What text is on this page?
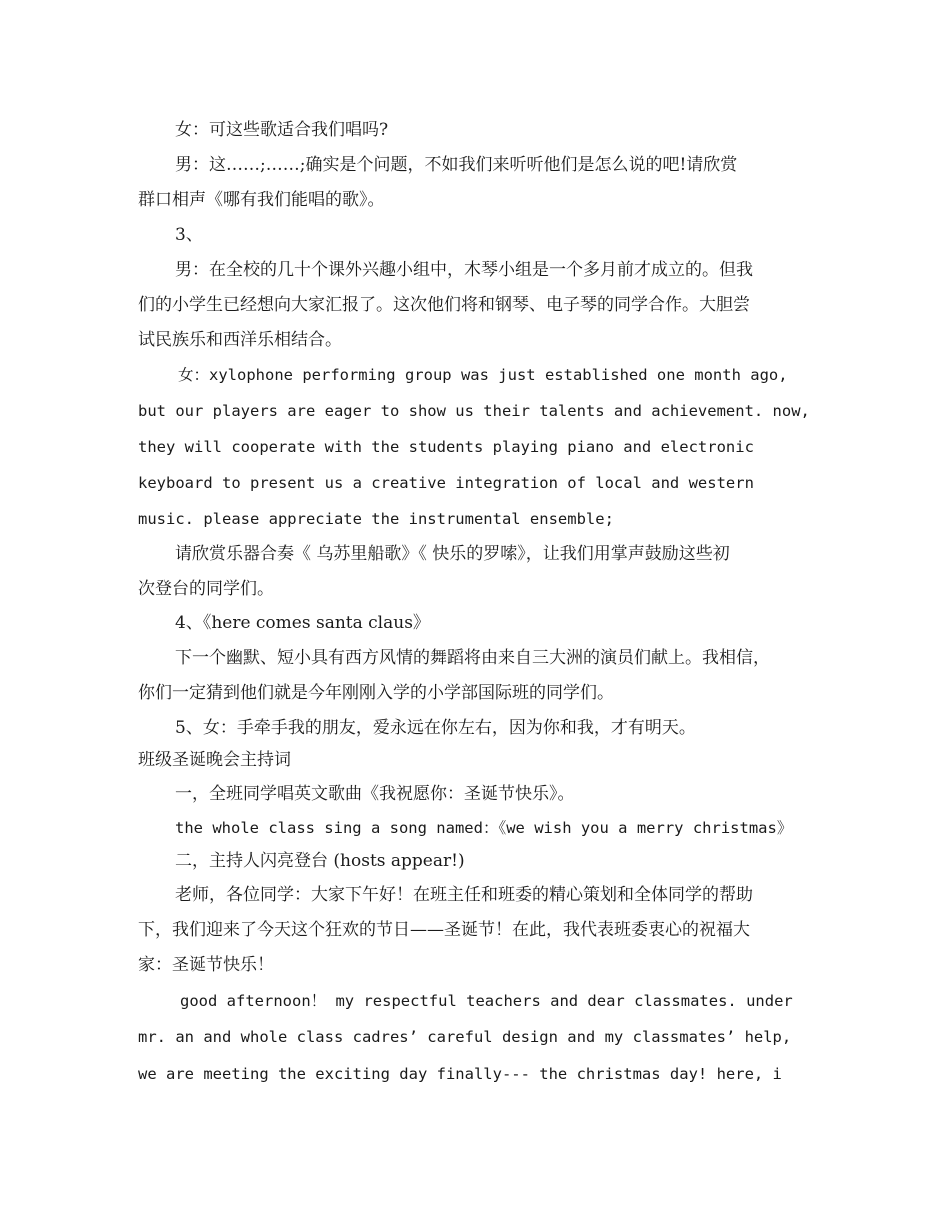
女：可这些歌适合我们唱吗?
男：这……;……;确实是个问题，不如我们来听听他们是怎么说的吧!请欣赏
群口相声《哪有我们能唱的歌》。
3、
男：在全校的几十个课外兴趣小组中，木琴小组是一个多月前才成立的。但我
们的小学生已经想向大家汇报了。这次他们将和钢琴、电子琴的同学合作。大胆尝
试民族乐和西洋乐相结合。
女：xylophone performing group was just established one month ago,
but our players are eager to show us their talents and achievement. now,
they will cooperate with the students playing piano and electronic
keyboard to present us a creative integration of local and western
music. please appreciate the instrumental ensemble;
请欣赏乐器合奏《 乌苏里船歌》《 快乐的罗嗦》，让我们用掌声鼓励这些初
次登台的同学们。
4、《here comes santa claus》
下一个幽默、短小具有西方风情的舞蹈将由来自三大洲的演员们献上。我相信，
你们一定猜到他们就是今年刚刚入学的小学部国际班的同学们。
5、女：手牵手我的朋友，爱永远在你左右，因为你和我，才有明天。
班级圣诞晚会主持词
一，全班同学唱英文歌曲《我祝愿你：圣诞节快乐》。
the whole class sing a song named：《we wish you a merry christmas》
二，主持人闪亮登台 (hosts appear!)
老师，各位同学：大家下午好！在班主任和班委的精心策划和全体同学的帮助
下，我们迎来了今天这个狂欢的节日——圣诞节！在此，我代表班委衷心的祝福大
家：圣诞节快乐！
good afternoon！ my respectful teachers and dear classmates. under
mr. an and whole class cadres’ careful design and my classmates’ help,
we are meeting the exciting day finally--- the christmas day! here, i
